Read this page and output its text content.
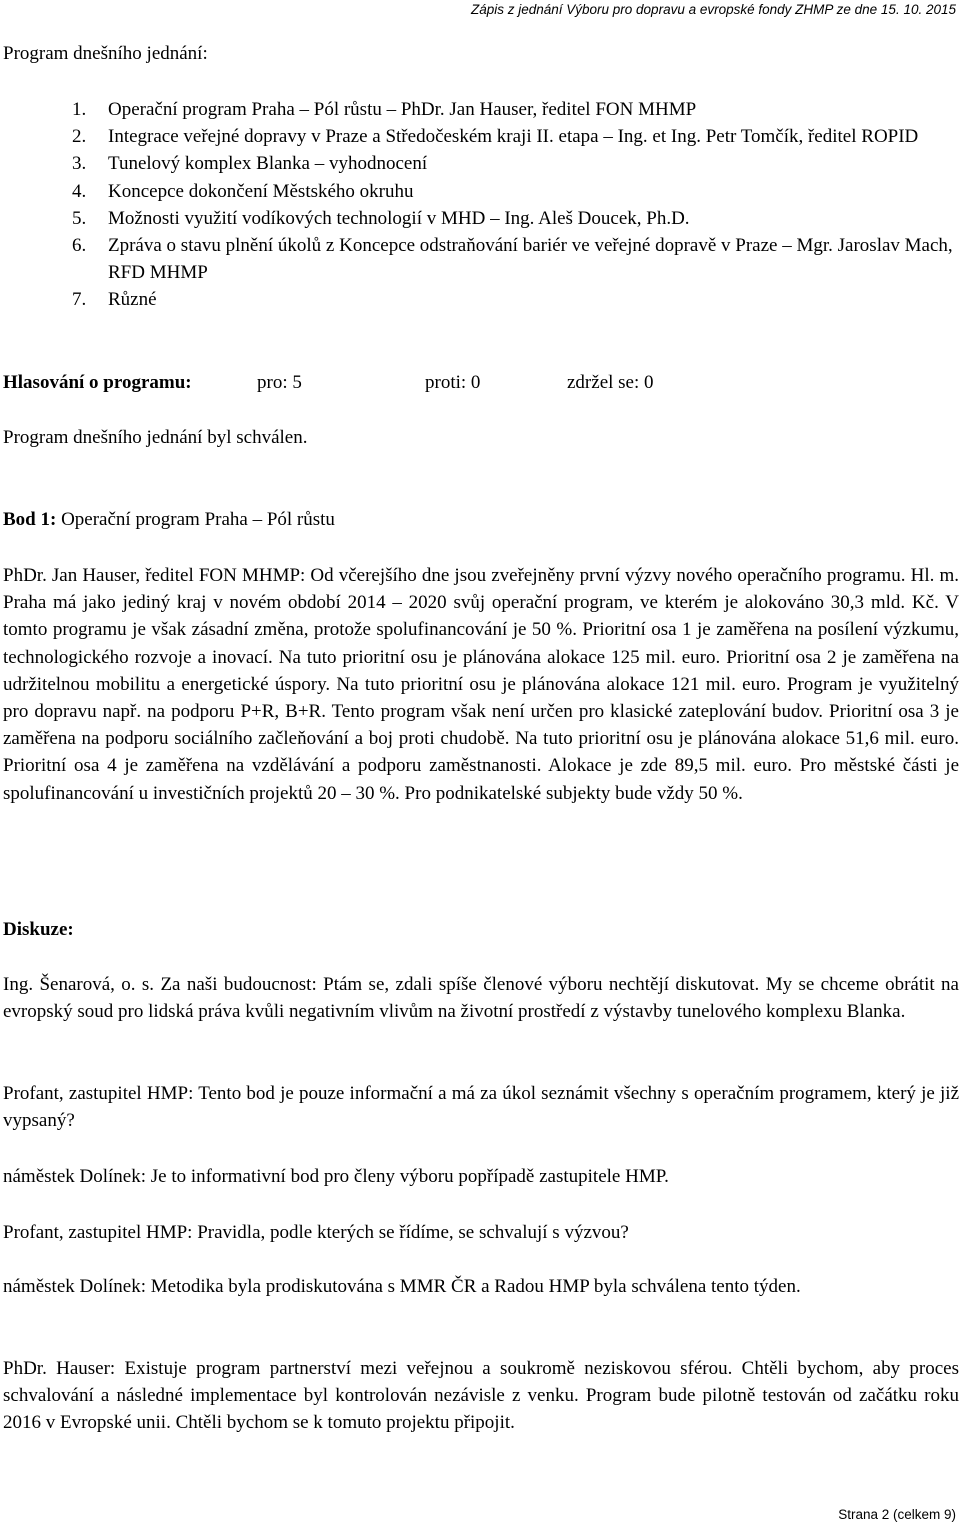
Zápis z jednání Výboru pro dopravu a evropské fondy ZHMP ze dne 15. 10. 2015

Program dnešního jednání:

1. Operační program Praha – Pól růstu – PhDr. Jan Hauser, ředitel FON MHMP
2. Integrace veřejné dopravy v Praze a Středočeském kraji II. etapa – Ing. et Ing. Petr Tomčík, ředitel ROPID
3. Tunelový komplex Blanka – vyhodnocení
4. Koncepce dokončení Městského okruhu
5. Možnosti využití vodíkových technologií v MHD – Ing. Aleš Doucek, Ph.D.
6. Zpráva o stavu plnění úkolů z Koncepce odstraňování bariér ve veřejné dopravě v Praze – Mgr. Jaroslav Mach, RFD MHMP
7. Různé

Hlasování o programu:	pro: 5	proti: 0	zdržel se: 0

Program dnešního jednání byl schválen.

Bod 1: Operační program Praha – Pól růstu

PhDr. Jan Hauser, ředitel FON MHMP: Od včerejšího dne jsou zveřejněny první výzvy nového operačního programu. Hl. m. Praha má jako jediný kraj v novém období 2014 – 2020 svůj operační program, ve kterém je alokováno 30,3 mld. Kč. V tomto programu je však zásadní změna, protože spolufinancování je 50 %. Prioritní osa 1 je zaměřena na posílení výzkumu, technologického rozvoje a inovací. Na tuto prioritní osu je plánována alokace 125 mil. euro. Prioritní osa 2 je zaměřena na udržitelnou mobilitu a energetické úspory. Na tuto prioritní osu je plánována alokace 121 mil. euro. Program je využitelný pro dopravu např. na podporu P+R, B+R. Tento program však není určen pro klasické zateplování budov. Prioritní osa 3 je zaměřena na podporu sociálního začleňování a boj proti chudobě. Na tuto prioritní osu je plánována alokace 51,6 mil. euro. Prioritní osa 4 je zaměřena na vzdělávání a podporu zaměstnanosti. Alokace je zde 89,5 mil. euro. Pro městské části je spolufinancování u investičních projektů 20 – 30 %. Pro podnikatelské subjekty bude vždy 50 %.

Diskuze:

Ing. Šenarová, o. s. Za naši budoucnost: Ptám se, zdali spíše členové výboru nechtějí diskutovat. My se chceme obrátit na evropský soud pro lidská práva kvůli negativním vlivům na životní prostředí z výstavby tunelového komplexu Blanka.

Profant, zastupitel HMP: Tento bod je pouze informační a má za úkol seznámit všechny s operačním programem, který je již vypsaný?

náměstek Dolínek: Je to informativní bod pro členy výboru popřípadě zastupitele HMP.

Profant, zastupitel HMP: Pravidla, podle kterých se řídíme, se schvalují s výzvou?

náměstek Dolínek: Metodika byla prodiskutována s MMR ČR a Radou HMP byla schválena tento týden.

PhDr. Hauser: Existuje program partnerství mezi veřejnou a soukromě neziskovou sférou. Chtěli bychom, aby proces schvalování a následné implementace byl kontrolován nezávisle z venku. Program bude pilotně testován od začátku roku 2016 v Evropské unii. Chtěli bychom se k tomuto projektu připojit.

Strana 2 (celkem 9)
